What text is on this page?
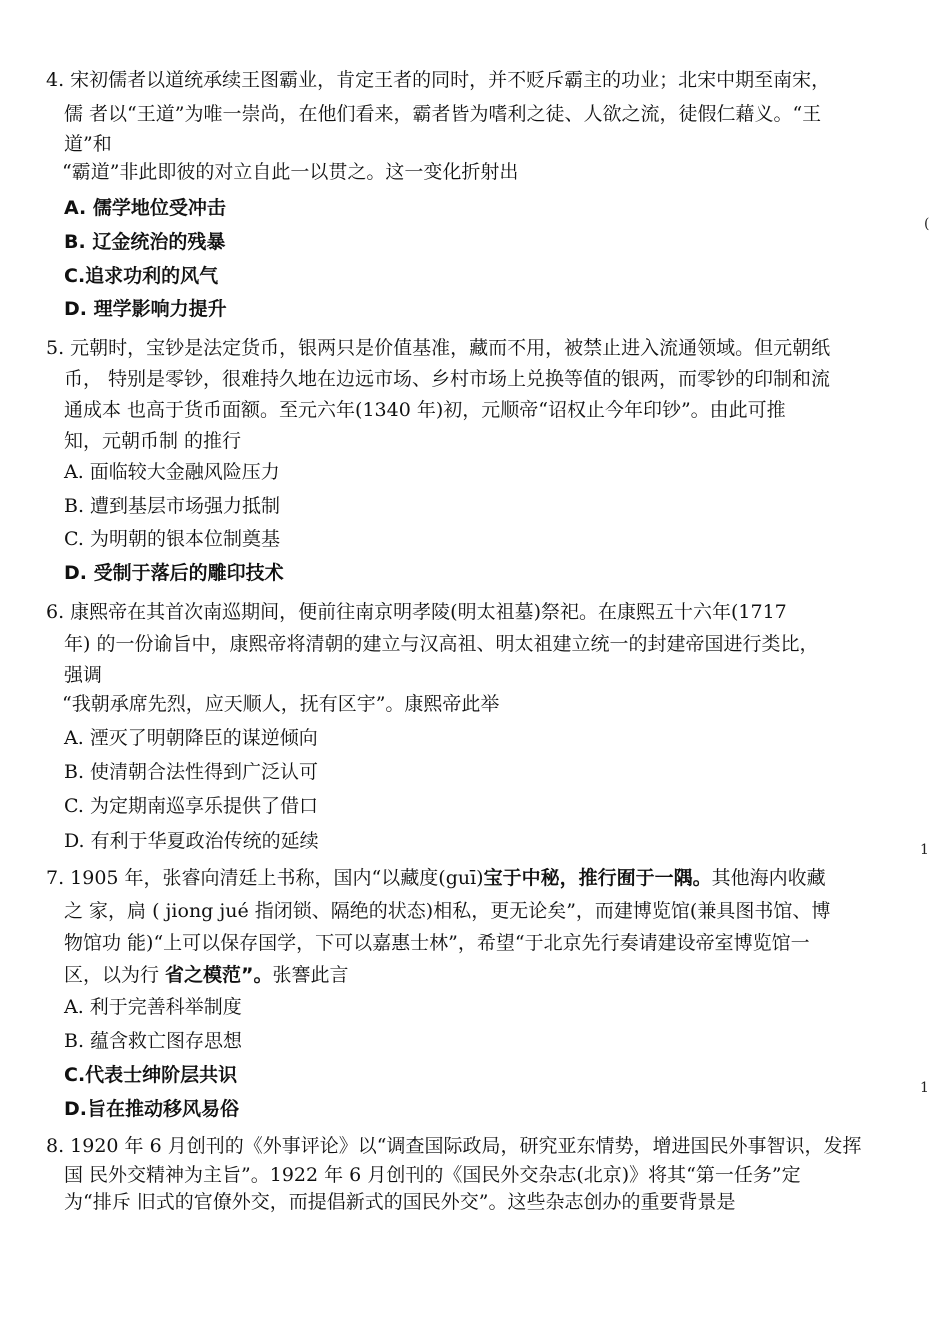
4. 宋初儒者以道统承续王图霸业，肯定王者的同时，并不贬斥霸主的功业；北宋中期至南宋，
儒 者以“王道”为唯一崇尚，在他们看来，霸者皆为嗜利之徒、人欲之流，徒假仁藉义。“王
道”和
“霸道”非此即彼的对立自此一以贯之。这一变化折射出
A. 儒学地位受冲击
B. 辽金统治的残暴
C.追求功利的风气
D. 理学影响力提升
5. 元朝时，宝钞是法定货币，银两只是价值基准，藏而不用，被禁止进入流通领域。但元朝纸
币， 特别是零钞，很难持久地在边远市场、乡村市场上兑换等值的银两，而零钞的印制和流
通成本 也高于货币面额。至元六年(1340 年)初，元顺帝“诏权止今年印钞”。由此可推
知，元朝币制 的推行
A. 面临较大金融风险压力
B. 遭到基层市场强力抵制
C. 为明朝的银本位制奠基
D. 受制于落后的雕印技术
6. 康熙帝在其首次南巡期间，便前往南京明孝陵(明太祖墓)祭祀。在康熙五十六年(1717
年) 的一份谕旨中，康熙帝将清朝的建立与汉高祖、明太祖建立统一的封建帝国进行类比，
强调
“我朝承席先烈，应天顺人，抚有区宇”。康熙帝此举
A. 湮灭了明朝降臣的谋逆倾向
B. 使清朝合法性得到广泛认可
C. 为定期南巡享乐提供了借口
D. 有利于华夏政治传统的延续
7. 1905 年，张睿向清廷上书称，国内“以藏度(guī)宝于中秘，推行囿于一隅。其他海内收藏
之 家，扃 ( jiong jué 指闭锁、隔绝的状态)相私，更无论矣”，而建博览馆(兼具图书馆、博
物馆功 能)“上可以保存国学，下可以嘉惠士林”，希望“于北京先行奏请建设帝室博览馆一
区，以为行 省之模范”。张謇此言
A. 利于完善科举制度
B. 蕴含救亡图存思想
C.代表士绅阶层共识
D.旨在推动移风易俗
8. 1920 年 6 月创刊的《外事评论》以“调查国际政局，研究亚东情势，增进国民外事智识，发挥
国 民外交精神为主旨”。1922 年 6 月创刊的《国民外交杂志(北京)》将其“第一任务”定
为“排斥 旧式的官僚外交，而提倡新式的国民外交”。这些杂志创办的重要背景是
(
1
1
